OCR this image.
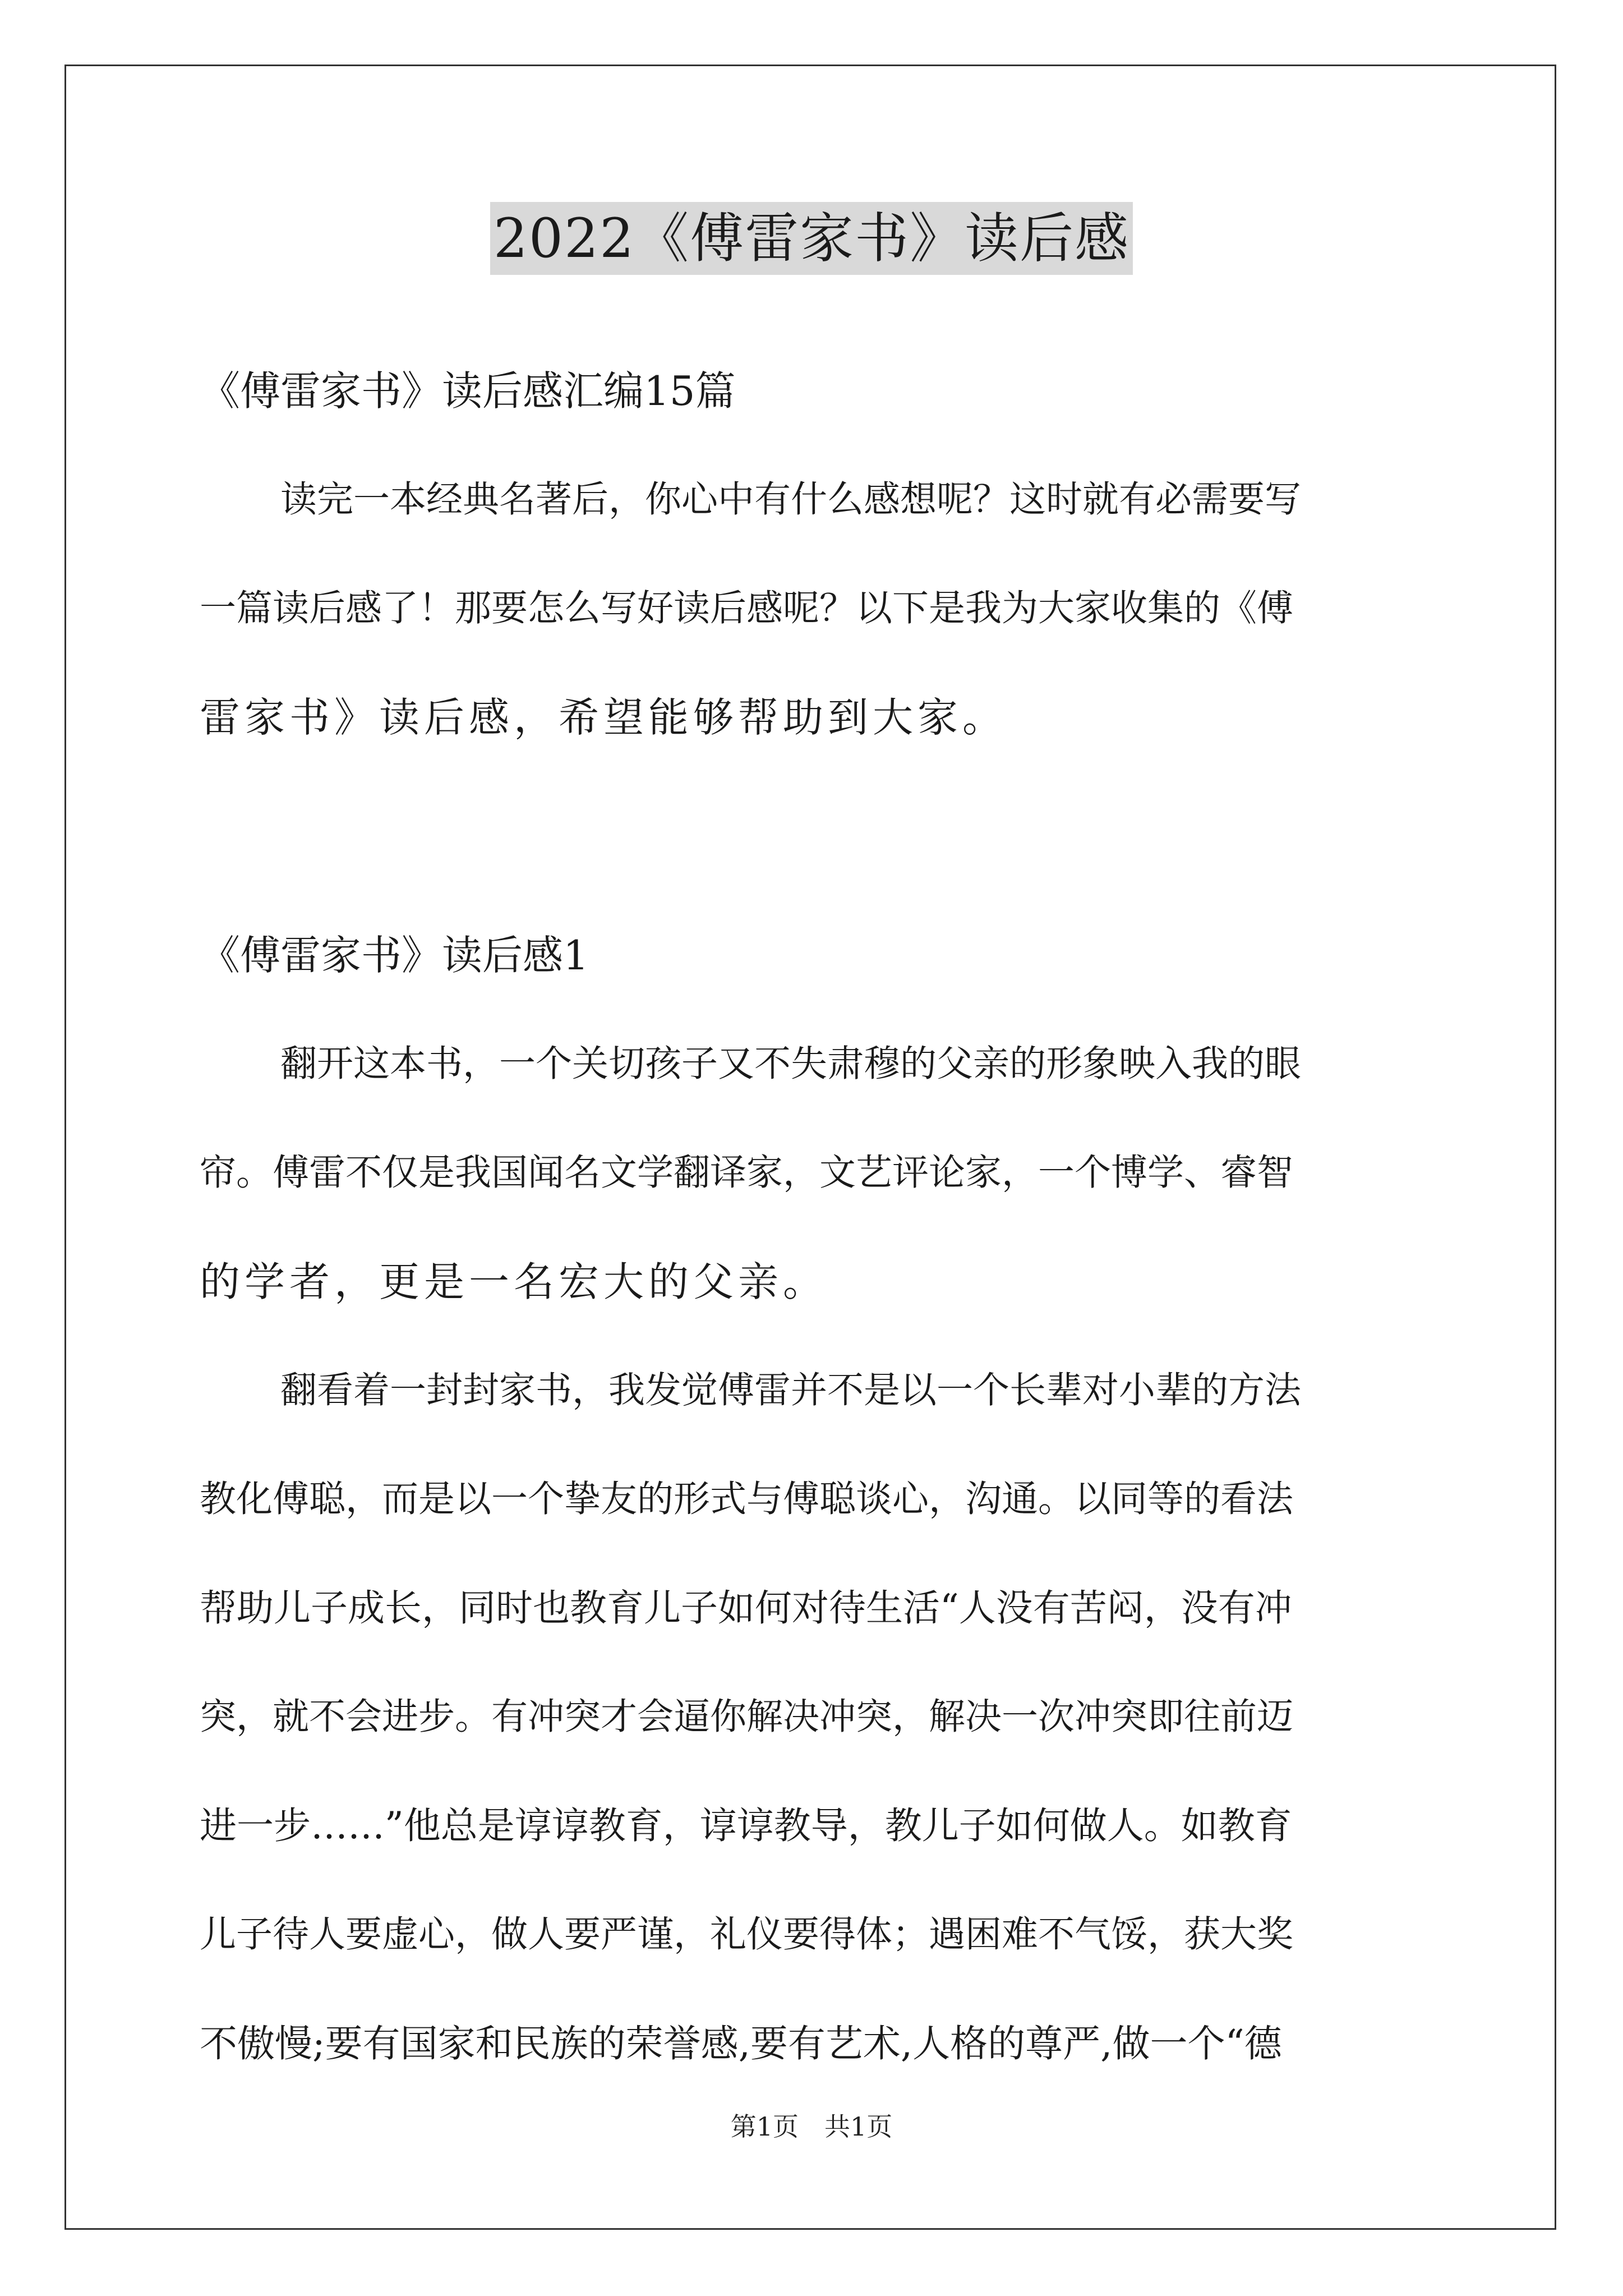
2022《傅雷家书》读后感
《傅雷家书》读后感汇编15篇
读完一本经典名著后，你心中有什么感想呢？这时就有必需要写
一篇读后感了！那要怎么写好读后感呢？以下是我为大家收集的《傅
雷家书》读后感，希望能够帮助到大家。
《傅雷家书》读后感1
翻开这本书，一个关切孩子又不失肃穆的父亲的形象映入我的眼
帘。傅雷不仅是我国闻名文学翻译家，文艺评论家，一个博学、睿智
的学者，更是一名宏大的父亲。
翻看着一封封家书，我发觉傅雷并不是以一个长辈对小辈的方法
教化傅聪，而是以一个挚友的形式与傅聪谈心，沟通。以同等的看法
帮助儿子成长，同时也教育儿子如何对待生活“人没有苦闷，没有冲
突，就不会进步。有冲突才会逼你解决冲突，解决一次冲突即往前迈
进一步……”他总是谆谆教育，谆谆教导，教儿子如何做人。如教育
儿子待人要虚心，做人要严谨，礼仪要得体；遇困难不气馁，获大奖
不傲慢;要有国家和民族的荣誉感,要有艺术,人格的尊严,做一个“德
第1页　共1页
